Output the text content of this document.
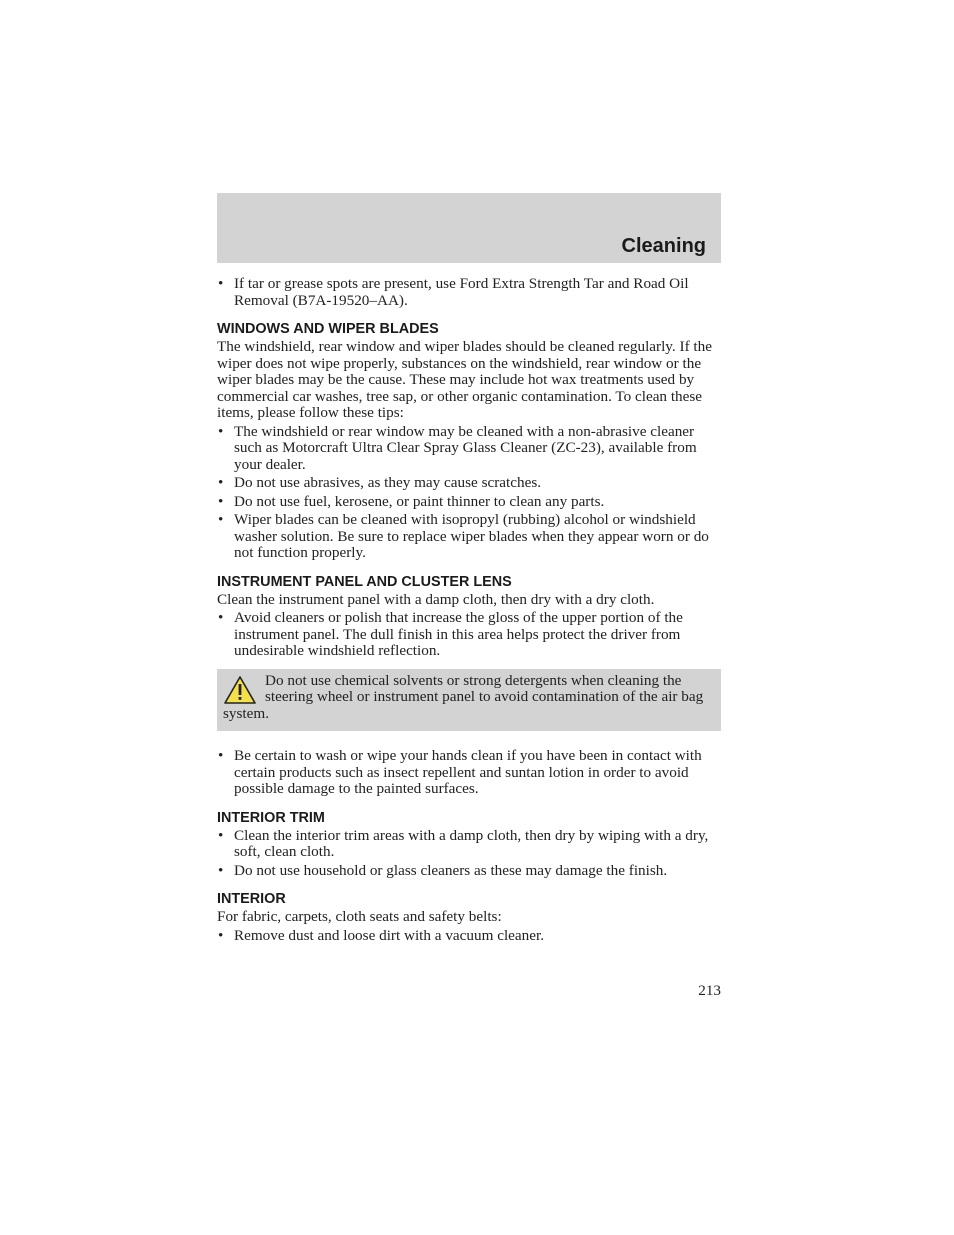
Cleaning
• If tar or grease spots are present, use Ford Extra Strength Tar and Road Oil Removal (B7A-19520–AA).
WINDOWS AND WIPER BLADES

The windshield, rear window and wiper blades should be cleaned regularly. If the wiper does not wipe properly, substances on the windshield, rear window or the wiper blades may be the cause. These may include hot wax treatments used by commercial car washes, tree sap, or other organic contamination. To clean these items, please follow these tips:

• The windshield or rear window may be cleaned with a non-abrasive cleaner such as Motorcraft Ultra Clear Spray Glass Cleaner (ZC-23), available from your dealer.
• Do not use abrasives, as they may cause scratches.
• Do not use fuel, kerosene, or paint thinner to clean any parts.
• Wiper blades can be cleaned with isopropyl (rubbing) alcohol or windshield washer solution. Be sure to replace wiper blades when they appear worn or do not function properly.
INSTRUMENT PANEL AND CLUSTER LENS

Clean the instrument panel with a damp cloth, then dry with a dry cloth.

• Avoid cleaners or polish that increase the gloss of the upper portion of the instrument panel. The dull finish in this area helps protect the driver from undesirable windshield reflection.
Do not use chemical solvents or strong detergents when cleaning the steering wheel or instrument panel to avoid contamination of the air bag system.
• Be certain to wash or wipe your hands clean if you have been in contact with certain products such as insect repellent and suntan lotion in order to avoid possible damage to the painted surfaces.
INTERIOR TRIM
• Clean the interior trim areas with a damp cloth, then dry by wiping with a dry, soft, clean cloth.
• Do not use household or glass cleaners as these may damage the finish.
INTERIOR

For fabric, carpets, cloth seats and safety belts:

• Remove dust and loose dirt with a vacuum cleaner.
213
